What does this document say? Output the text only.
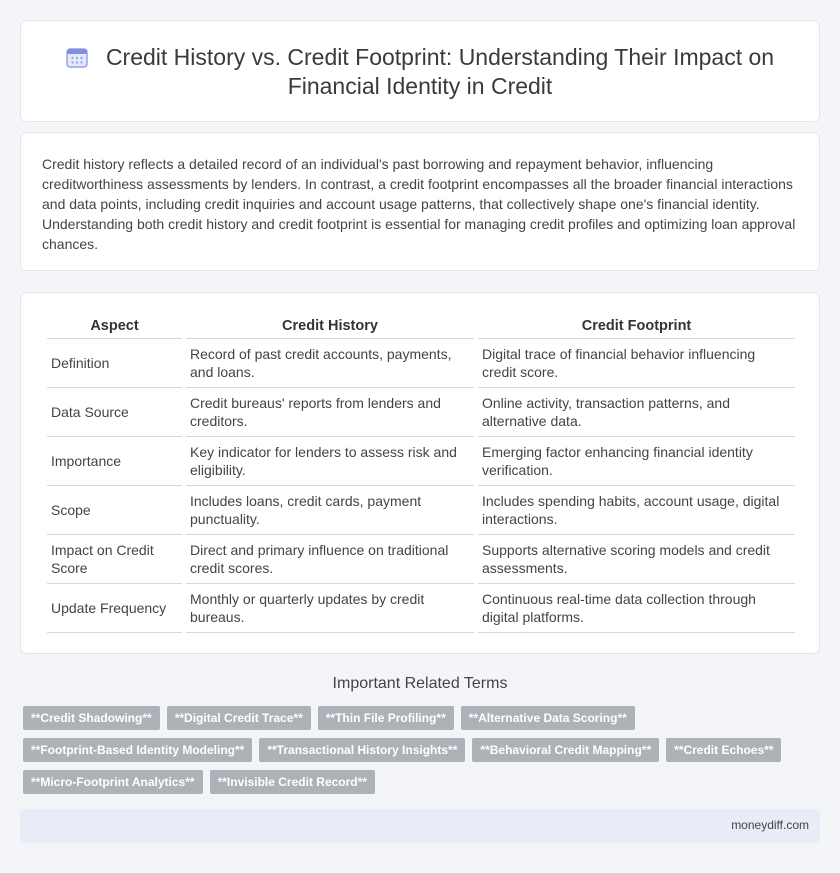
Credit History vs. Credit Footprint: Understanding Their Impact on Financial Identity in Credit

Credit history reflects a detailed record of an individual's past borrowing and repayment behavior, influencing creditworthiness assessments by lenders. In contrast, a credit footprint encompasses all the broader financial interactions and data points, including credit inquiries and account usage patterns, that collectively shape one's financial identity. Understanding both credit history and credit footprint is essential for managing credit profiles and optimizing loan approval chances.

Aspect	Credit History	Credit Footprint
Definition	Record of past credit accounts, payments, and loans.	Digital trace of financial behavior influencing credit score.
Data Source	Credit bureaus' reports from lenders and creditors.	Online activity, transaction patterns, and alternative data.
Importance	Key indicator for lenders to assess risk and eligibility.	Emerging factor enhancing financial identity verification.
Scope	Includes loans, credit cards, payment punctuality.	Includes spending habits, account usage, digital interactions.
Impact on Credit Score	Direct and primary influence on traditional credit scores.	Supports alternative scoring models and credit assessments.
Update Frequency	Monthly or quarterly updates by credit bureaus.	Continuous real-time data collection through digital platforms.
Important Related Terms
**Credit Shadowing**	**Digital Credit Trace**	**Thin File Profiling**	**Alternative Data Scoring**
**Footprint-Based Identity Modeling**	**Transactional History Insights**	**Behavioral Credit Mapping**	**Credit Echoes**
**Micro-Footprint Analytics**	**Invisible Credit Record**
moneydiff.com
